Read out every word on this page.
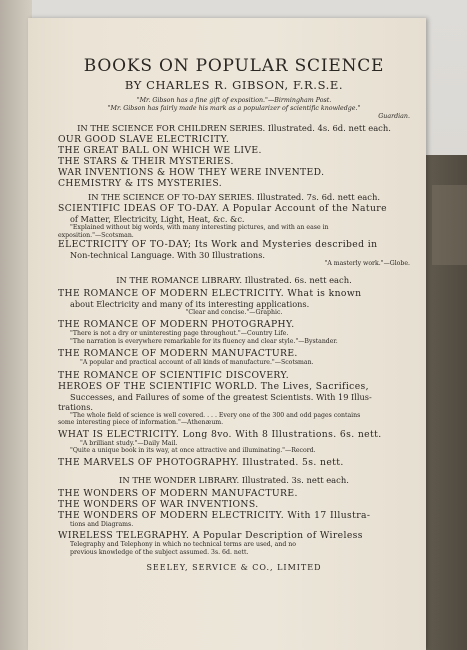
BOOKS ON POPULAR SCIENCE
BY CHARLES R. GIBSON, F.R.S.E.
"Mr. Gibson has a fine gift of exposition."—Birmingham Post.
"Mr. Gibson has fairly made his mark as a popularizer of scientific knowledge."
Guardian.
IN THE SCIENCE FOR CHILDREN SERIES. Illustrated. 4s. 6d. nett each.
OUR GOOD SLAVE ELECTRICITY.
THE GREAT BALL ON WHICH WE LIVE.
THE STARS & THEIR MYSTERIES.
WAR INVENTIONS & HOW THEY WERE INVENTED.
CHEMISTRY & ITS MYSTERIES.
IN THE SCIENCE OF TO-DAY SERIES. Illustrated. 7s. 6d. nett each.
SCIENTIFIC IDEAS OF TO-DAY. A Popular Account of the Nature
of Matter, Electricity, Light, Heat, &c. &c.
"Explained without big words, with many interesting pictures, and with an ease in
exposition."—Scotsman.
ELECTRICITY OF TO-DAY; Its Work and Mysteries described in
Non-technical Language. With 30 Illustrations.
"A masterly work."—Globe.
IN THE ROMANCE LIBRARY. Illustrated. 6s. nett each.
THE ROMANCE OF MODERN ELECTRICITY. What is known
about Electricity and many of its interesting applications.
"Clear and concise."—Graphic.
THE ROMANCE OF MODERN PHOTOGRAPHY.
"There is not a dry or uninteresting page throughout."—Country Life.
"The narration is everywhere remarkable for its fluency and clear style."—Bystander.
THE ROMANCE OF MODERN MANUFACTURE.
"A popular and practical account of all kinds of manufacture."—Scotsman.
THE ROMANCE OF SCIENTIFIC DISCOVERY.
HEROES OF THE SCIENTIFIC WORLD. The Lives, Sacrifices,
Successes, and Failures of some of the greatest Scientists. With 19 Illus-
trations.
"The whole field of science is well covered. . . . Every one of the 300 and odd pages contains
some interesting piece of information."—Athenæum.
WHAT IS ELECTRICITY. Long 8vo. With 8 Illustrations. 6s. nett.
"A brilliant study."—Daily Mail.
"Quite a unique book in its way, at once attractive and illuminating."—Record.
THE MARVELS OF PHOTOGRAPHY. Illustrated. 5s. nett.
IN THE WONDER LIBRARY. Illustrated. 3s. nett each.
THE WONDERS OF MODERN MANUFACTURE.
THE WONDERS OF WAR INVENTIONS.
THE WONDERS OF MODERN ELECTRICITY. With 17 Illustra-
tions and Diagrams.
WIRELESS TELEGRAPHY. A Popular Description of Wireless
Telegraphy and Telephony in which no technical terms are used, and no
previous knowledge of the subject assumed. 3s. 6d. nett.
SEELEY, SERVICE & CO., LIMITED
